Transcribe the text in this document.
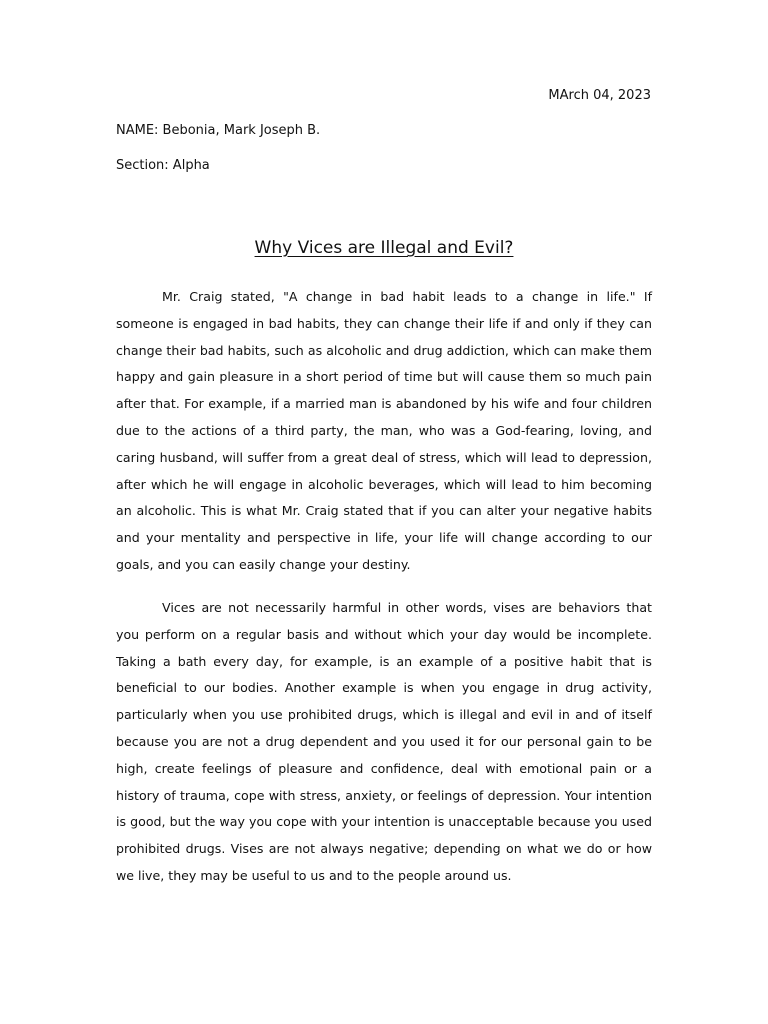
MArch 04, 2023
NAME: Bebonia, Mark Joseph B.
Section: Alpha
Why Vices are Illegal and Evil?

Mr. Craig stated, "A change in bad habit leads to a change in life." If someone is engaged in bad habits, they can change their life if and only if they can change their bad habits, such as alcoholic and drug addiction, which can make them happy and gain pleasure in a short period of time but will cause them so much pain after that. For example, if a married man is abandoned by his wife and four children due to the actions of a third party, the man, who was a God-fearing, loving, and caring husband, will suffer from a great deal of stress, which will lead to depression, after which he will engage in alcoholic beverages, which will lead to him becoming an alcoholic. This is what Mr. Craig stated that if you can alter your negative habits and your mentality and perspective in life, your life will change according to our goals, and you can easily change your destiny.

Vices are not necessarily harmful in other words, vises are behaviors that you perform on a regular basis and without which your day would be incomplete. Taking a bath every day, for example, is an example of a positive habit that is beneficial to our bodies. Another example is when you engage in drug activity, particularly when you use prohibited drugs, which is illegal and evil in and of itself because you are not a drug dependent and you used it for our personal gain to be high, create feelings of pleasure and confidence, deal with emotional pain or a history of trauma, cope with stress, anxiety, or feelings of depression. Your intention is good, but the way you cope with your intention is unacceptable because you used prohibited drugs. Vises are not always negative; depending on what we do or how we live, they may be useful to us and to the people around us.
